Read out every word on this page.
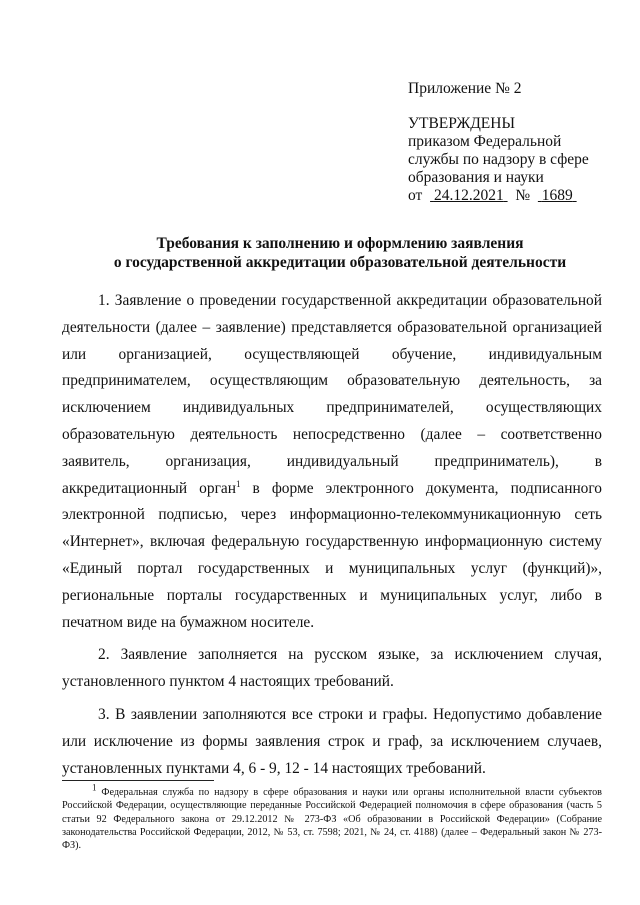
Приложение № 2
УТВЕРЖДЕНЫ
приказом Федеральной
службы по надзору в сфере
образования и науки
от 24.12.2021 № 1689
Требования к заполнению и оформлению заявления
о государственной аккредитации образовательной деятельности

1. Заявление о проведении государственной аккредитации образовательной деятельности (далее – заявление) представляется образовательной организацией или организацией, осуществляющей обучение, индивидуальным предпринимателем, осуществляющим образовательную деятельность, за исключением индивидуальных предпринимателей, осуществляющих образовательную деятельность непосредственно (далее – соответственно заявитель, организация, индивидуальный предприниматель), в аккредитационный орган$^1$ в форме электронного документа, подписанного электронной подписью, через информационно-телекоммуникационную сеть «Интернет», включая федеральную государственную информационную систему «Единый портал государственных и муниципальных услуг (функций)», региональные порталы государственных и муниципальных услуг, либо в печатном виде на бумажном носителе.

2. Заявление заполняется на русском языке, за исключением случая, установленного пунктом 4 настоящих требований.

3. В заявлении заполняются все строки и графы. Недопустимо добавление или исключение из формы заявления строк и граф, за исключением случаев, установленных пунктами 4, 6 - 9, 12 - 14 настоящих требований.

$^1$ Федеральная служба по надзору в сфере образования и науки или органы исполнительной власти субъектов Российской Федерации, осуществляющие переданные Российской Федерацией полномочия в сфере образования (часть 5 статьи 92 Федерального закона от 29.12.2012 № 273-ФЗ «Об образовании в Российской Федерации» (Собрание законодательства Российской Федерации, 2012, № 53, ст. 7598; 2021, № 24, ст. 4188) (далее – Федеральный закон № 273-ФЗ).
